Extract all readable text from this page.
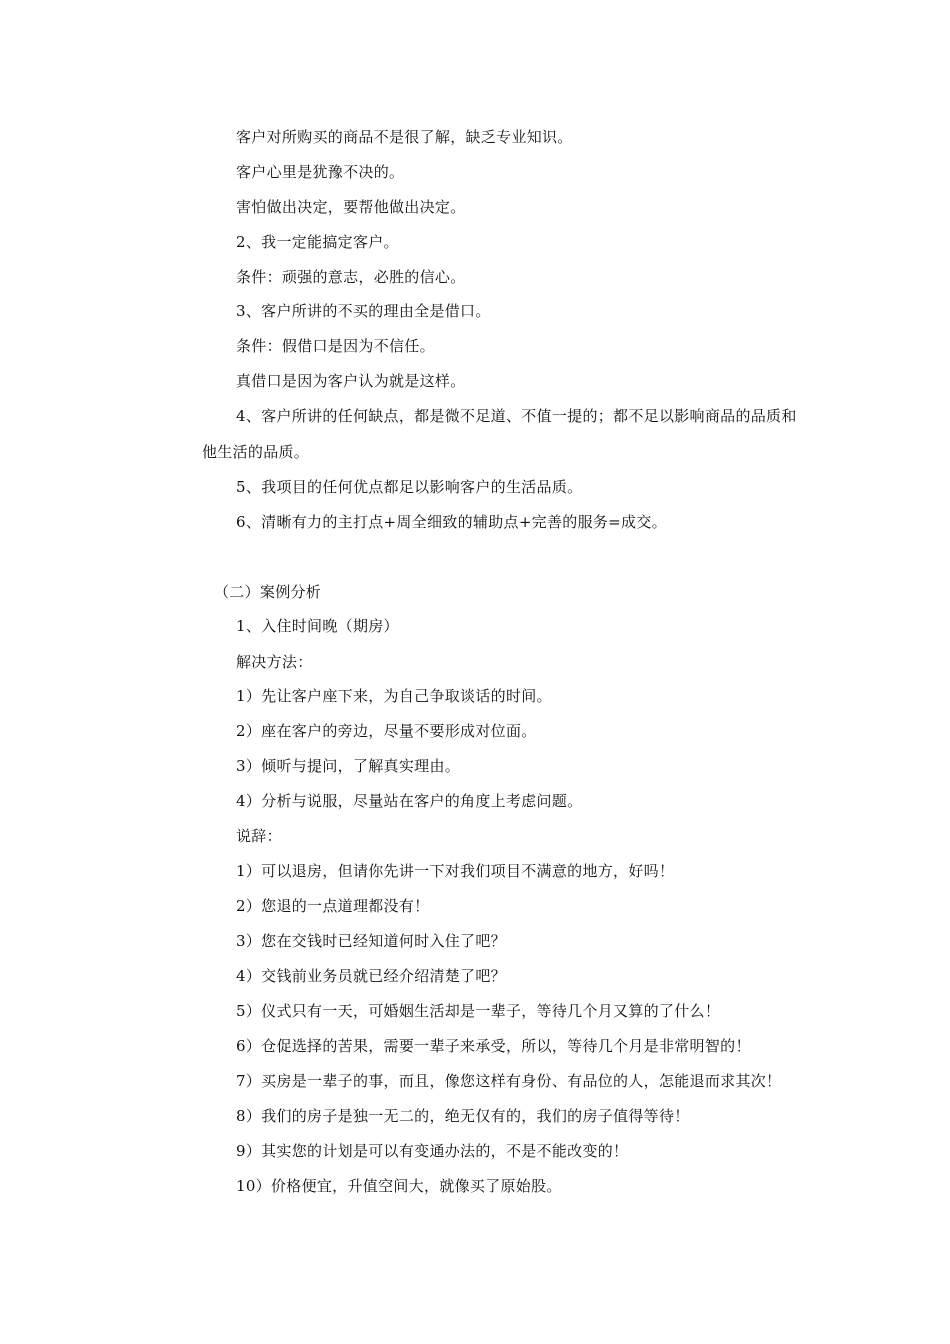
客户对所购买的商品不是很了解，缺乏专业知识。
客户心里是犹豫不决的。
害怕做出决定，要帮他做出决定。
2、我一定能搞定客户。
条件：顽强的意志，必胜的信心。
3、客户所讲的不买的理由全是借口。
条件：假借口是因为不信任。
真借口是因为客户认为就是这样。
4、客户所讲的任何缺点，都是微不足道、不值一提的；都不足以影响商品的品质和
他生活的品质。
5、我项目的任何优点都足以影响客户的生活品质。
6、清晰有力的主打点+周全细致的辅助点+完善的服务=成交。
（二）案例分析
1、入住时间晚（期房）
解决方法：
1）先让客户座下来，为自己争取谈话的时间。
2）座在客户的旁边，尽量不要形成对位面。
3）倾听与提问，了解真实理由。
4）分析与说服，尽量站在客户的角度上考虑问题。
说辞：
1）可以退房，但请你先讲一下对我们项目不满意的地方，好吗！
2）您退的一点道理都没有！
3）您在交钱时已经知道何时入住了吧？
4）交钱前业务员就已经介绍清楚了吧？
5）仪式只有一天，可婚姻生活却是一辈子，等待几个月又算的了什么！
6）仓促选择的苦果，需要一辈子来承受，所以，等待几个月是非常明智的！
7）买房是一辈子的事，而且，像您这样有身份、有品位的人，怎能退而求其次！
8）我们的房子是独一无二的，绝无仅有的，我们的房子值得等待！
9）其实您的计划是可以有变通办法的，不是不能改变的！
10）价格便宜，升值空间大，就像买了原始股。
